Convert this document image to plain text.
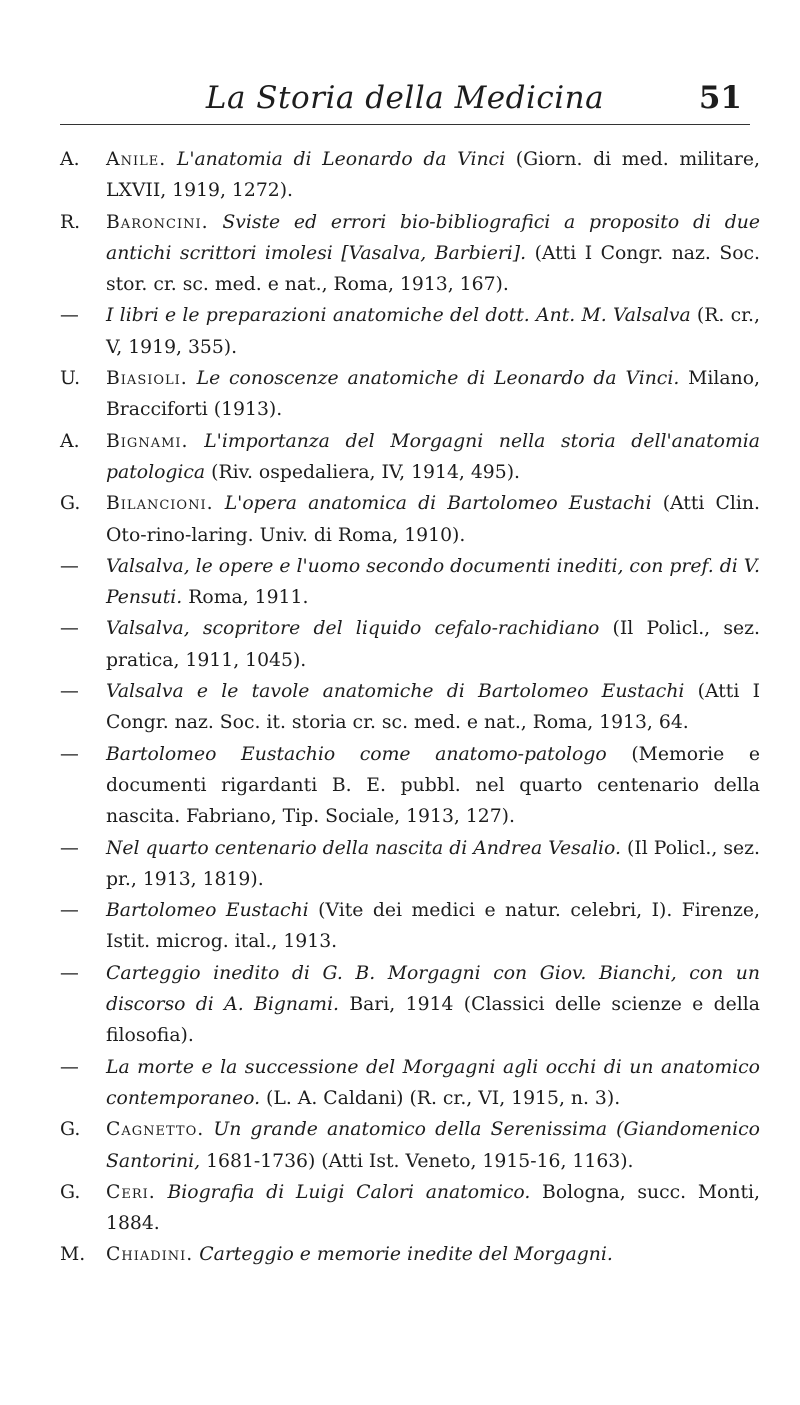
La Storia della Medicina	51
A.	Anile. L'anatomia di Leonardo da Vinci (Giorn. di med. militare, LXVII, 1919, 1272).
R.	Baroncini. Sviste ed errori bio-bibliografici a proposito di due antichi scrittori imolesi [Vasalva, Barbieri]. (Atti I Congr. naz. Soc. stor. cr. sc. med. e nat., Roma, 1913, 167).
—	I libri e le preparazioni anatomiche del dott. Ant. M. Valsalva (R. cr., V, 1919, 355).
U.	Biasioli. Le conoscenze anatomiche di Leonardo da Vinci. Milano, Bracciforti (1913).
A.	Bignami. L'importanza del Morgagni nella storia dell'anatomia patologica (Riv. ospedaliera, IV, 1914, 495).
G.	Bilancioni. L'opera anatomica di Bartolomeo Eustachi (Atti Clin. Oto-rino-laring. Univ. di Roma, 1910).
—	Valsalva, le opere e l'uomo secondo documenti inediti, con pref. di V. Pensuti. Roma, 1911.
—	Valsalva, scopritore del liquido cefalo-rachidiano (Il Policl., sez. pratica, 1911, 1045).
—	Valsalva e le tavole anatomiche di Bartolomeo Eustachi (Atti I Congr. naz. Soc. it. storia cr. sc. med. e nat., Roma, 1913, 64.
—	Bartolomeo Eustachio come anatomo-patologo (Memorie e documenti rigardanti B. E. pubbl. nel quarto centenario della nascita. Fabriano, Tip. Sociale, 1913, 127).
—	Nel quarto centenario della nascita di Andrea Vesalio. (Il Policl., sez. pr., 1913, 1819).
—	Bartolomeo Eustachi (Vite dei medici e natur. celebri, I). Firenze, Istit. microg. ital., 1913.
—	Carteggio inedito di G. B. Morgagni con Giov. Bianchi, con un discorso di A. Bignami. Bari, 1914 (Classici delle scienze e della filosofia).
—	La morte e la successione del Morgagni agli occhi di un anatomico contemporaneo. (L. A. Caldani) (R. cr., VI, 1915, n. 3).
G.	Cagnetto. Un grande anatomico della Serenissima (Giandomenico Santorini, 1681-1736) (Atti Ist. Veneto, 1915-16, 1163).
G.	Ceri. Biografia di Luigi Calori anatomico. Bologna, succ. Monti, 1884.
M.	Chiadini. Carteggio e memorie inedite del Morgagni.
